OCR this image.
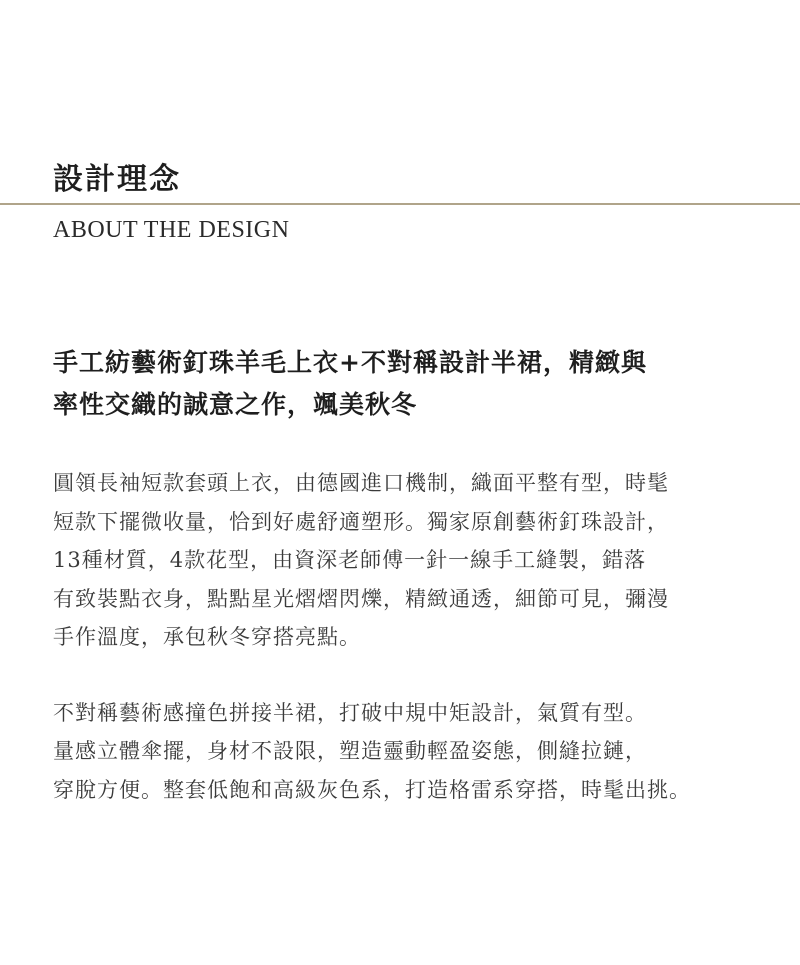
設計理念
ABOUT THE DESIGN
手工紡藝術釘珠羊毛上衣+不對稱設計半裙，精緻與
率性交織的誠意之作，颯美秋冬

圓領長袖短款套頭上衣，由德國進口機制，織面平整有型，時髦
短款下擺微收量，恰到好處舒適塑形。獨家原創藝術釘珠設計，
13種材質，4款花型，由資深老師傅一針一線手工縫製，錯落
有致裝點衣身，點點星光熠熠閃爍，精緻通透，細節可見，彌漫
手作溫度，承包秋冬穿搭亮點。

不對稱藝術感撞色拼接半裙，打破中規中矩設計，氣質有型。
量感立體傘擺，身材不設限，塑造靈動輕盈姿態，側縫拉鏈，
穿脫方便。整套低飽和高級灰色系，打造格雷系穿搭，時髦出挑。
